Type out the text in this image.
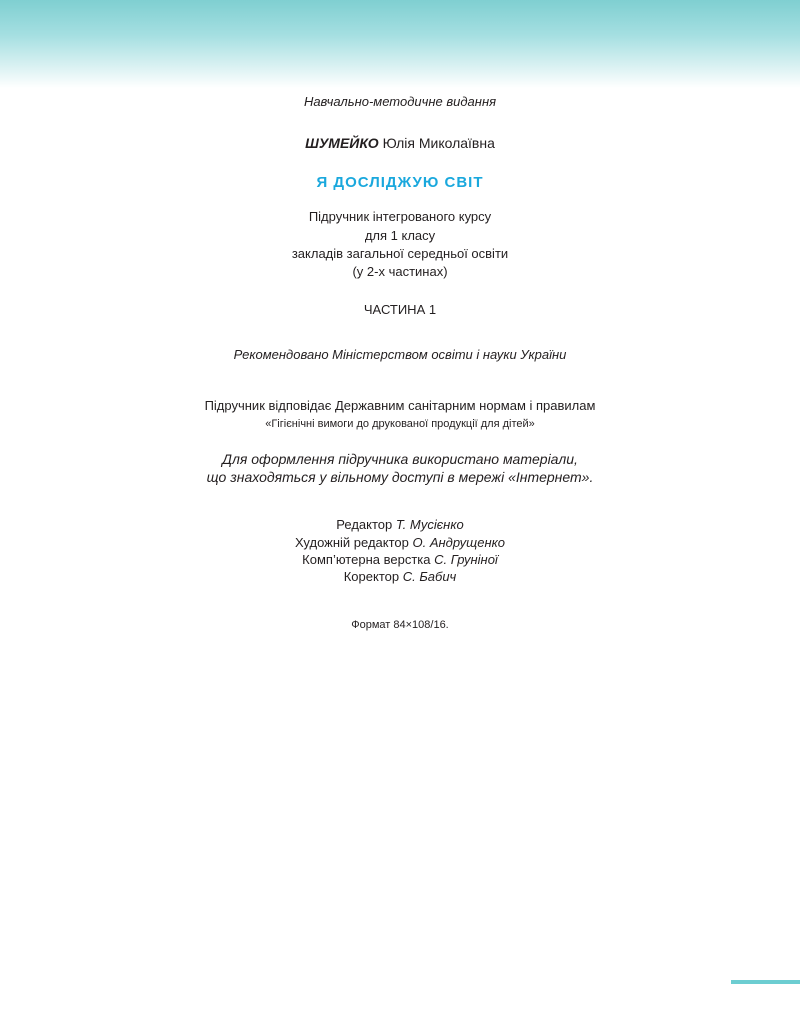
Навчально-методичне видання
ШУМЕЙКО Юлія Миколаївна
Я ДОСЛІДЖУЮ СВІТ
Підручник інтегрованого курсу
для 1 класу
закладів загальної середньої освіти
(у 2-х частинах)
ЧАСТИНА 1
Рекомендовано Міністерством освіти і науки України
Підручник відповідає Державним санітарним нормам і правилам
«Гігієнічні вимоги до друкованої продукції для дітей»
Для оформлення підручника використано матеріали,
що знаходяться у вільному доступі в мережі «Інтернет».
Редактор Т. Мусієнко
Художній редактор О. Андрущенко
Комп’ютерна верстка С. Груніної
Коректор С. Бабич
Формат 84×108/16.
